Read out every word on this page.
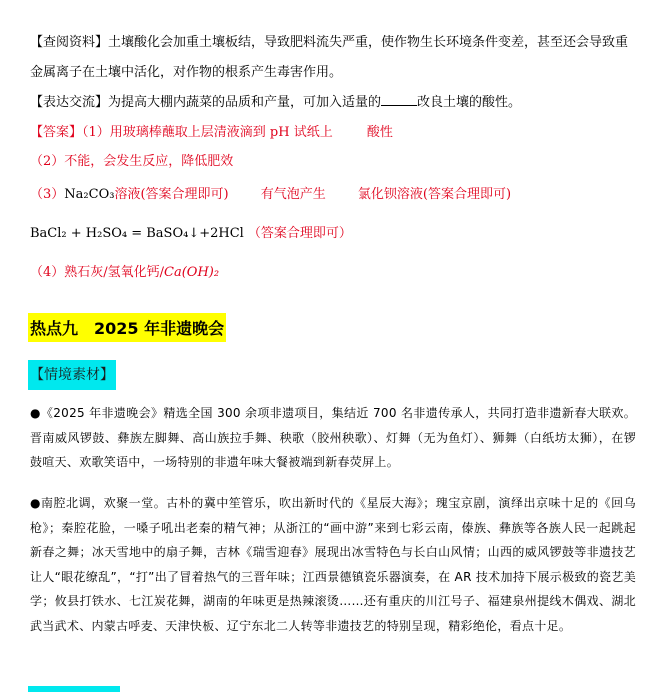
【查阅资料】土壤酸化会加重土壤板结，导致肥料流失严重，使作物生长环境条件变差，甚至还会导致重
金属离子在土壤中活化，对作物的根系产生毒害作用。
【表达交流】为提高大棚内蔬菜的品质和产量，可加入适量的	改良土壤的酸性。
【答案】（1）用玻璃棒蘸取上层清液滴到 pH 试纸上	酸性
（2）不能，会发生反应，降低肥效
（3）Na₂CO₃溶液(答案合理即可) 有气泡产生 氯化钡溶液(答案合理即可)
BaCl₂ + H₂SO₄ = BaSO₄↓+2HCl （答案合理即可）
（4）熟石灰/氢氧化钙/Ca(OH)₂
热点九　2025 年非遗晚会
【情境素材】
●《2025 年非遗晚会》精选全国 300 余项非遗项目，集结近 700 名非遗传承人，共同打造非遗新春大联欢。晋南威风锣鼓、彝族左脚舞、高山族拉手舞、秧歌（胶州秧歌）、灯舞（无为鱼灯）、狮舞（白纸坊太狮），在锣鼓喧天、欢歌笑语中，一场特别的非遗年味大餐被端到新春荧屏上。
●南腔北调，欢聚一堂。古朴的冀中笙管乐，吹出新时代的《星辰大海》；瑰宝京剧，演绎出京味十足的《回乌枪》；秦腔花脸，一嗓子吼出老秦的精气神；从浙江的“画中游”来到七彩云南，傣族、彝族等各族人民一起跳起新春之舞；冰天雪地中的扇子舞，吉林《瑞雪迎春》展现出冰雪特色与长白山风情；山西的威风锣鼓等非遗技艺让人“眼花缭乱”，“打”出了冒着热气的三晋年味；江西景德镇瓷乐器演奏，在 AR 技术加持下展示极致的瓷艺美学；攸县打铁水、七江炭花舞，湖南的年味更是热辣滚烫……还有重庆的川江号子、福建泉州提线木偶戏、湖北武当武术、内蒙古呼麦、天津快板、辽宁东北二人转等非遗技艺的特别呈现，精彩绝伦，看点十足。
